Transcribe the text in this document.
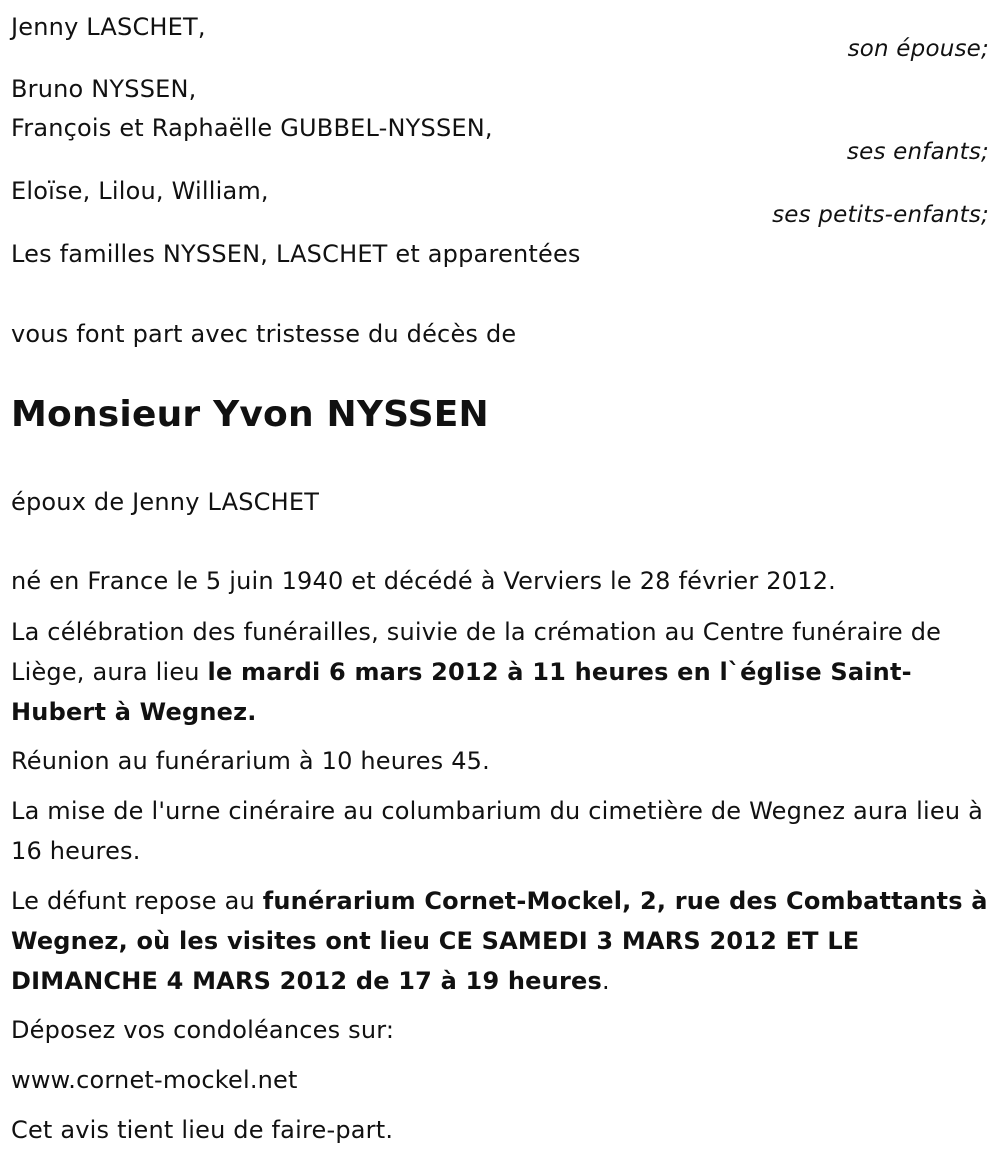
Jenny LASCHET,
son épouse;
Bruno NYSSEN,
François et Raphaëlle GUBBEL-NYSSEN,
ses enfants;
Eloïse, Lilou, William,
ses petits-enfants;
Les familles NYSSEN, LASCHET et apparentées
vous font part avec tristesse du décès de
Monsieur Yvon NYSSEN
époux de Jenny LASCHET
né en France le 5 juin 1940 et décédé à Verviers le 28 février 2012.
La célébration des funérailles, suivie de la crémation au Centre funéraire de Liège, aura lieu le mardi 6 mars 2012 à 11 heures en l`église Saint-Hubert à Wegnez.
Réunion au funérarium à 10 heures 45.
La mise de l'urne cinéraire au columbarium du cimetière de Wegnez aura lieu à 16 heures.
Le défunt repose au funérarium Cornet-Mockel, 2, rue des Combattants à Wegnez, où les visites ont lieu CE SAMEDI 3 MARS 2012 ET LE DIMANCHE 4 MARS 2012 de 17 à 19 heures.
Déposez vos condoléances sur:
www.cornet-mockel.net
Cet avis tient lieu de faire-part.
